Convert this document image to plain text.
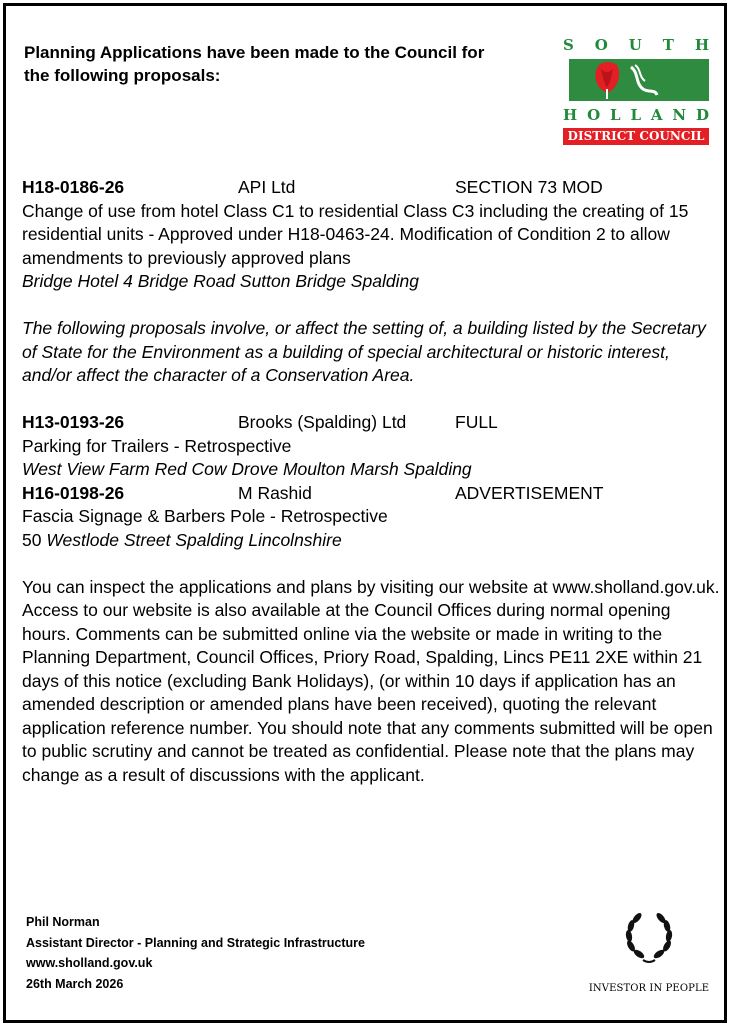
Planning Applications have been made to the Council for the following proposals:
S O U T H
H O L L A N D
DISTRICT COUNCIL
H18-0186-26	API Ltd	SECTION 73 MOD

Change of use from hotel Class C1 to residential Class C3 including the creating of 15 residential units - Approved under H18-0463-24. Modification of Condition 2 to allow amendments to previously approved plans

Bridge Hotel 4 Bridge Road Sutton Bridge Spalding
The following proposals involve, or affect the setting of, a building listed by the Secretary of State for the Environment as a building of special architectural or historic interest, and/or affect the character of a Conservation Area.
H13-0193-26	Brooks (Spalding) Ltd	FULL

Parking for Trailers - Retrospective

West View Farm Red Cow Drove Moulton Marsh Spalding
H16-0198-26	M Rashid	ADVERTISEMENT

Fascia Signage & Barbers Pole - Retrospective

50 Westlode Street Spalding Lincolnshire
You can inspect the applications and plans by visiting our website at www.sholland.gov.uk. Access to our website is also available at the Council Offices during normal opening hours. Comments can be submitted online via the website or made in writing to the Planning Department, Council Offices, Priory Road, Spalding, Lincs PE11 2XE within 21 days of this notice (excluding Bank Holidays), (or within 10 days if application has an amended description or amended plans have been received), quoting the relevant application reference number. You should note that any comments submitted will be open to public scrutiny and cannot be treated as confidential. Please note that the plans may change as a result of discussions with the applicant.
Phil Norman
Assistant Director - Planning and Strategic Infrastructure
www.sholland.gov.uk
26th March 2026	INVESTOR IN PEOPLE
